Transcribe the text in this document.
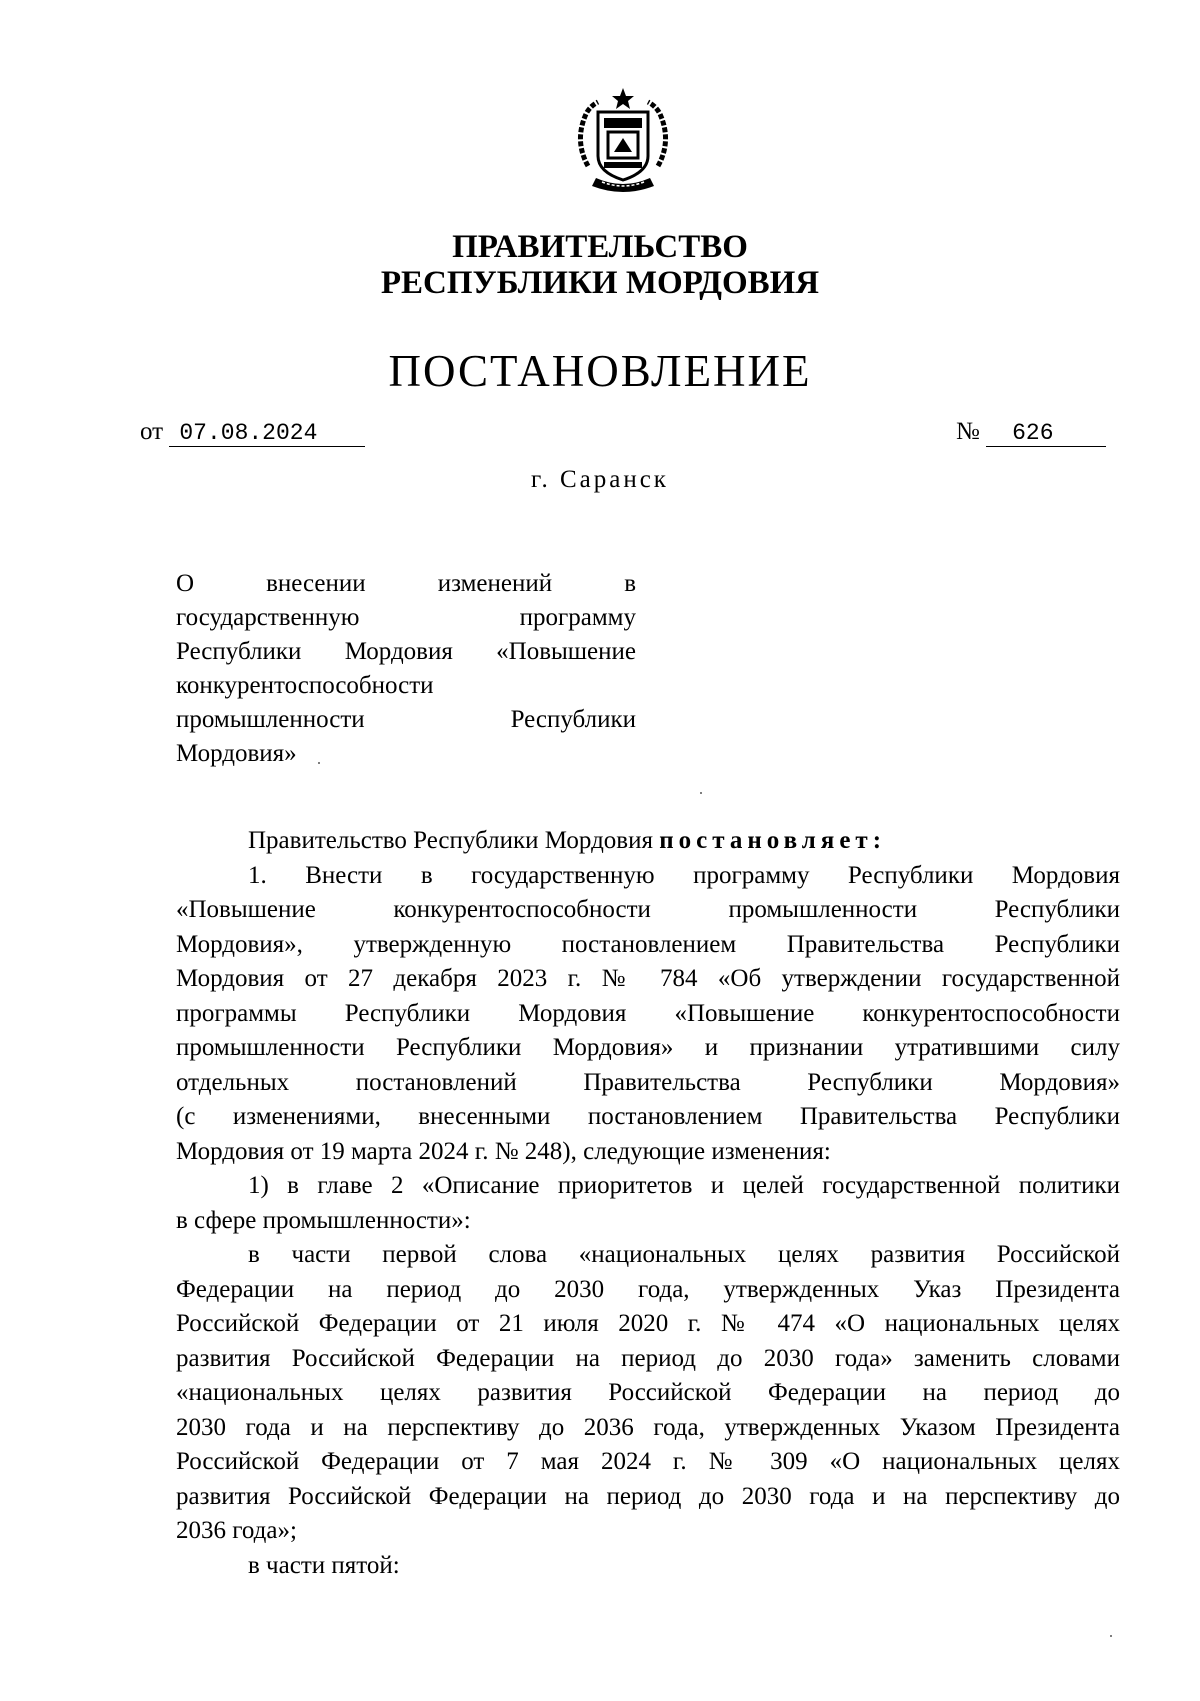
ПРАВИТЕЛЬСТВО
РЕСПУБЛИКИ МОРДОВИЯ
ПОСТАНОВЛЕНИЕ
от 07.08.2024	№ 626
г. Саранск
О внесении изменений в
государственную программу
Республики Мордовия «Повышение
конкурентоспособности
промышленности Республики
Мордовия»
Правительство Республики Мордовия постановляет:
1. Внести в государственную программу Республики Мордовия
«Повышение конкурентоспособности промышленности Республики
Мордовия», утвержденную постановлением Правительства Республики
Мордовия от 27 декабря 2023 г. № 784 «Об утверждении государственной
программы Республики Мордовия «Повышение конкурентоспособности
промышленности Республики Мордовия» и признании утратившими силу
отдельных постановлений Правительства Республики Мордовия»
(с изменениями, внесенными постановлением Правительства Республики
Мордовия от 19 марта 2024 г. № 248), следующие изменения:
1) в главе 2 «Описание приоритетов и целей государственной политики
в сфере промышленности»:
в части первой слова «национальных целях развития Российской
Федерации на период до 2030 года, утвержденных Указ Президента
Российской Федерации от 21 июля 2020 г. № 474 «О национальных целях
развития Российской Федерации на период до 2030 года» заменить словами
«национальных целях развития Российской Федерации на период до
2030 года и на перспективу до 2036 года, утвержденных Указом Президента
Российской Федерации от 7 мая 2024 г. № 309 «О национальных целях
развития Российской Федерации на период до 2030 года и на перспективу до
2036 года»;
в части пятой:
